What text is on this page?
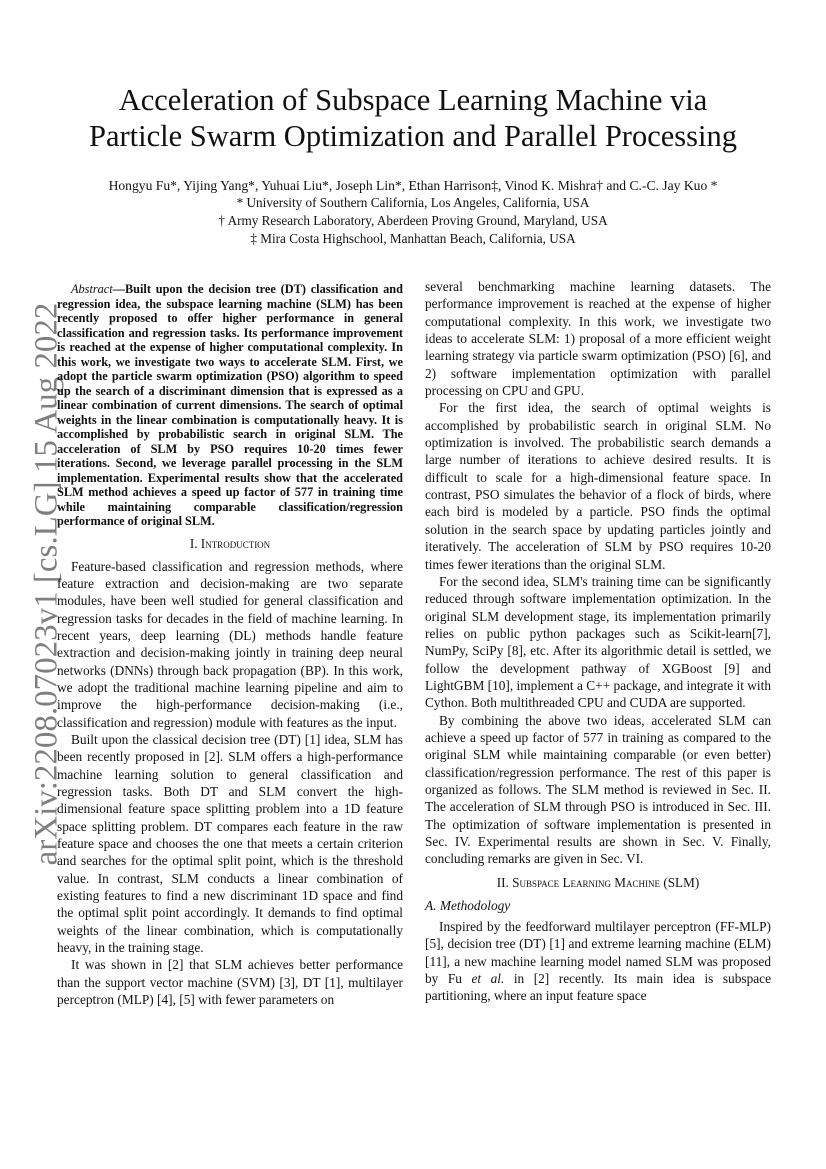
arXiv:2208.07023v1 [cs.LG] 15 Aug 2022
Acceleration of Subspace Learning Machine via
Particle Swarm Optimization and Parallel Processing
Hongyu Fu*, Yijing Yang*, Yuhuai Liu*, Joseph Lin*, Ethan Harrison‡, Vinod K. Mishra† and C.-C. Jay Kuo *
* University of Southern California, Los Angeles, California, USA
† Army Research Laboratory, Aberdeen Proving Ground, Maryland, USA
‡ Mira Costa Highschool, Manhattan Beach, California, USA

Abstract—Built upon the decision tree (DT) classification and regression idea, the subspace learning machine (SLM) has been recently proposed to offer higher performance in general classification and regression tasks. Its performance improvement is reached at the expense of higher computational complexity. In this work, we investigate two ways to accelerate SLM. First, we adopt the particle swarm optimization (PSO) algorithm to speed up the search of a discriminant dimension that is expressed as a linear combination of current dimensions. The search of optimal weights in the linear combination is computationally heavy. It is accomplished by probabilistic search in original SLM. The acceleration of SLM by PSO requires 10-20 times fewer iterations. Second, we leverage parallel processing in the SLM implementation. Experimental results show that the accelerated SLM method achieves a speed up factor of 577 in training time while maintaining comparable classification/regression performance of original SLM.

I. Introduction

Feature-based classification and regression methods, where feature extraction and decision-making are two separate modules, have been well studied for general classification and regression tasks for decades in the field of machine learning. In recent years, deep learning (DL) methods handle feature extraction and decision-making jointly in training deep neural networks (DNNs) through back propagation (BP). In this work, we adopt the traditional machine learning pipeline and aim to improve the high-performance decision-making (i.e., classification and regression) module with features as the input.

Built upon the classical decision tree (DT) [1] idea, SLM has been recently proposed in [2]. SLM offers a high-performance machine learning solution to general classification and regression tasks. Both DT and SLM convert the high-dimensional feature space splitting problem into a 1D feature space splitting problem. DT compares each feature in the raw feature space and chooses the one that meets a certain criterion and searches for the optimal split point, which is the threshold value. In contrast, SLM conducts a linear combination of existing features to find a new discriminant 1D space and find the optimal split point accordingly. It demands to find optimal weights of the linear combination, which is computationally heavy, in the training stage.

It was shown in [2] that SLM achieves better performance than the support vector machine (SVM) [3], DT [1], multilayer perceptron (MLP) [4], [5] with fewer parameters on

several benchmarking machine learning datasets. The performance improvement is reached at the expense of higher computational complexity. In this work, we investigate two ideas to accelerate SLM: 1) proposal of a more efficient weight learning strategy via particle swarm optimization (PSO) [6], and 2) software implementation optimization with parallel processing on CPU and GPU.

For the first idea, the search of optimal weights is accomplished by probabilistic search in original SLM. No optimization is involved. The probabilistic search demands a large number of iterations to achieve desired results. It is difficult to scale for a high-dimensional feature space. In contrast, PSO simulates the behavior of a flock of birds, where each bird is modeled by a particle. PSO finds the optimal solution in the search space by updating particles jointly and iteratively. The acceleration of SLM by PSO requires 10-20 times fewer iterations than the original SLM.

For the second idea, SLM's training time can be significantly reduced through software implementation optimization. In the original SLM development stage, its implementation primarily relies on public python packages such as Scikit-learn[7], NumPy, SciPy [8], etc. After its algorithmic detail is settled, we follow the development pathway of XGBoost [9] and LightGBM [10], implement a C++ package, and integrate it with Cython. Both multithreaded CPU and CUDA are supported.

By combining the above two ideas, accelerated SLM can achieve a speed up factor of 577 in training as compared to the original SLM while maintaining comparable (or even better) classification/regression performance. The rest of this paper is organized as follows. The SLM method is reviewed in Sec. II. The acceleration of SLM through PSO is introduced in Sec. III. The optimization of software implementation is presented in Sec. IV. Experimental results are shown in Sec. V. Finally, concluding remarks are given in Sec. VI.

II. Subspace Learning Machine (SLM)
A. Methodology

Inspired by the feedforward multilayer perceptron (FF-MLP) [5], decision tree (DT) [1] and extreme learning machine (ELM) [11], a new machine learning model named SLM was proposed by Fu et al. in [2] recently. Its main idea is subspace partitioning, where an input feature space
